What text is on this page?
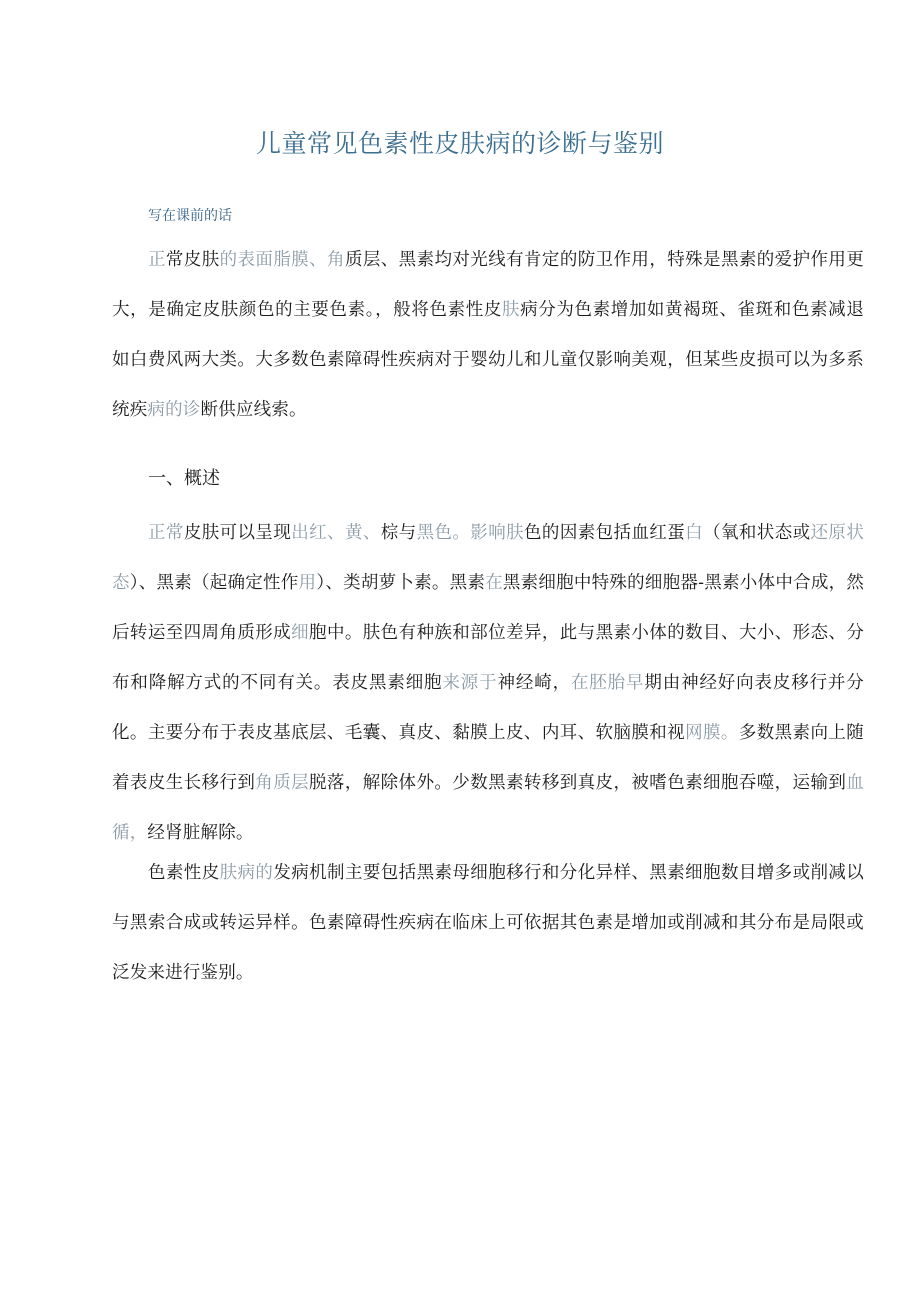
儿童常见色素性皮肤病的诊断与鉴别
写在课前的话

正常皮肤的表面脂膜、角质层、黑素均对光线有肯定的防卫作用，特殊是黑素的爱护作用更大，是确定皮肤颜色的主要色素。，般将色素性皮肤病分为色素增加如黄褐斑、雀斑和色素减退如白费风两大类。大多数色素障碍性疾病对于婴幼儿和儿童仅影响美观，但某些皮损可以为多系统疾病的诊断供应线索。

一、概述

正常皮肤可以呈现出红、黄、棕与黑色。影响肤色的因素包括血红蛋白（氧和状态或还原状态）、黑素（起确定性作用）、类胡萝卜素。黑素在黑素细胞中特殊的细胞器-黑素小体中合成，然后转运至四周角质形成细胞中。肤色有种族和部位差异，此与黑素小体的数目、大小、形态、分布和降解方式的不同有关。表皮黑素细胞来源于神经崎，在胚胎早期由神经好向表皮移行并分化。主要分布于表皮基底层、毛囊、真皮、黏膜上皮、内耳、软脑膜和视网膜。多数黑素向上随着表皮生长移行到角质层脱落，解除体外。少数黑素转移到真皮，被嗜色素细胞吞噬，运输到血循，经肾脏解除。

色素性皮肤病的发病机制主要包括黑素母细胞移行和分化异样、黑素细胞数目增多或削减以与黑索合成或转运异样。色素障碍性疾病在临床上可依据其色素是增加或削减和其分布是局限或泛发来进行鉴别。
